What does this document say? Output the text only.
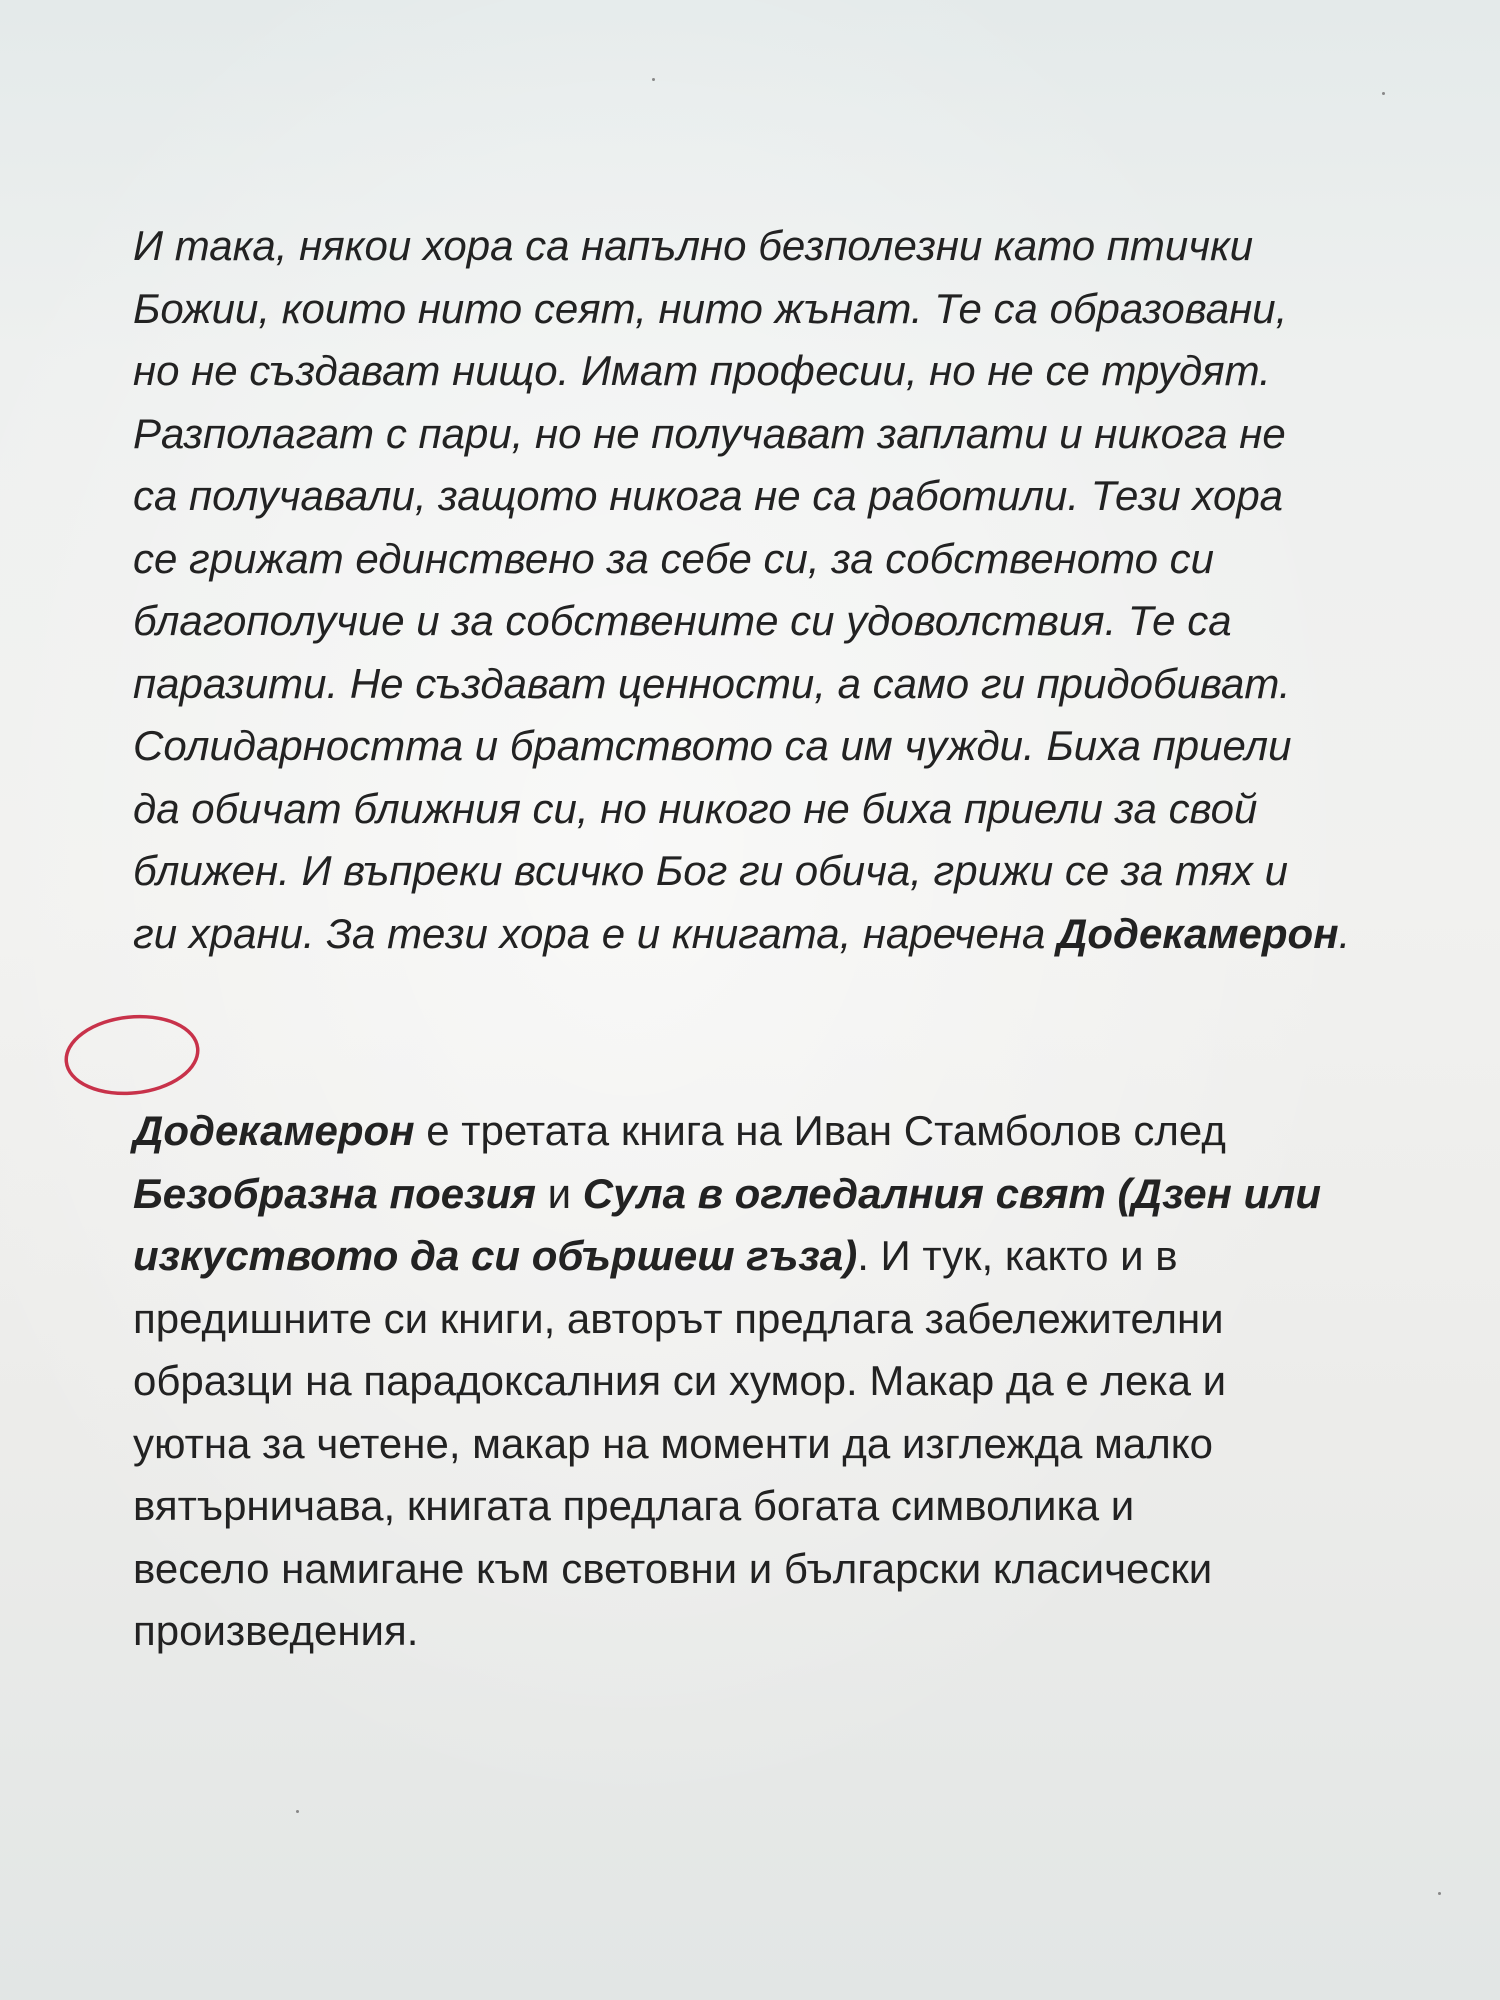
И така, някои хора са напълно безполезни като птички
Божии, които нито сеят, нито жънат. Те са образовани,
но не създават нищо. Имат професии, но не се трудят.
Разполагат с пари, но не получават заплати и никога не
са получавали, защото никога не са работили. Тези хора
се грижат единствено за себе си, за собственото си
благополучие и за собствените си удоволствия. Те са
паразити. Не създават ценности, а само ги придобиват.
Солидарността и братството са им чужди. Биха приели
да обичат ближния си, но никого не биха приели за свой
ближен. И въпреки всичко Бог ги обича, грижи се за тях и
ги храни. За тези хора е и книгата, наречена Додекамерон.
Додекамерон е третата книга на Иван Стамболов след
Безобразна поезия и Сула в огледалния свят (Дзен или
изкуството да си обършеш гъза). И тук, както и в
предишните си книги, авторът предлага забележителни
образци на парадоксалния си хумор. Макар да е лека и
уютна за четене, макар на моменти да изглежда малко
вятърничава, книгата предлага богата символика и
весело намигане към световни и български класически
произведения.
